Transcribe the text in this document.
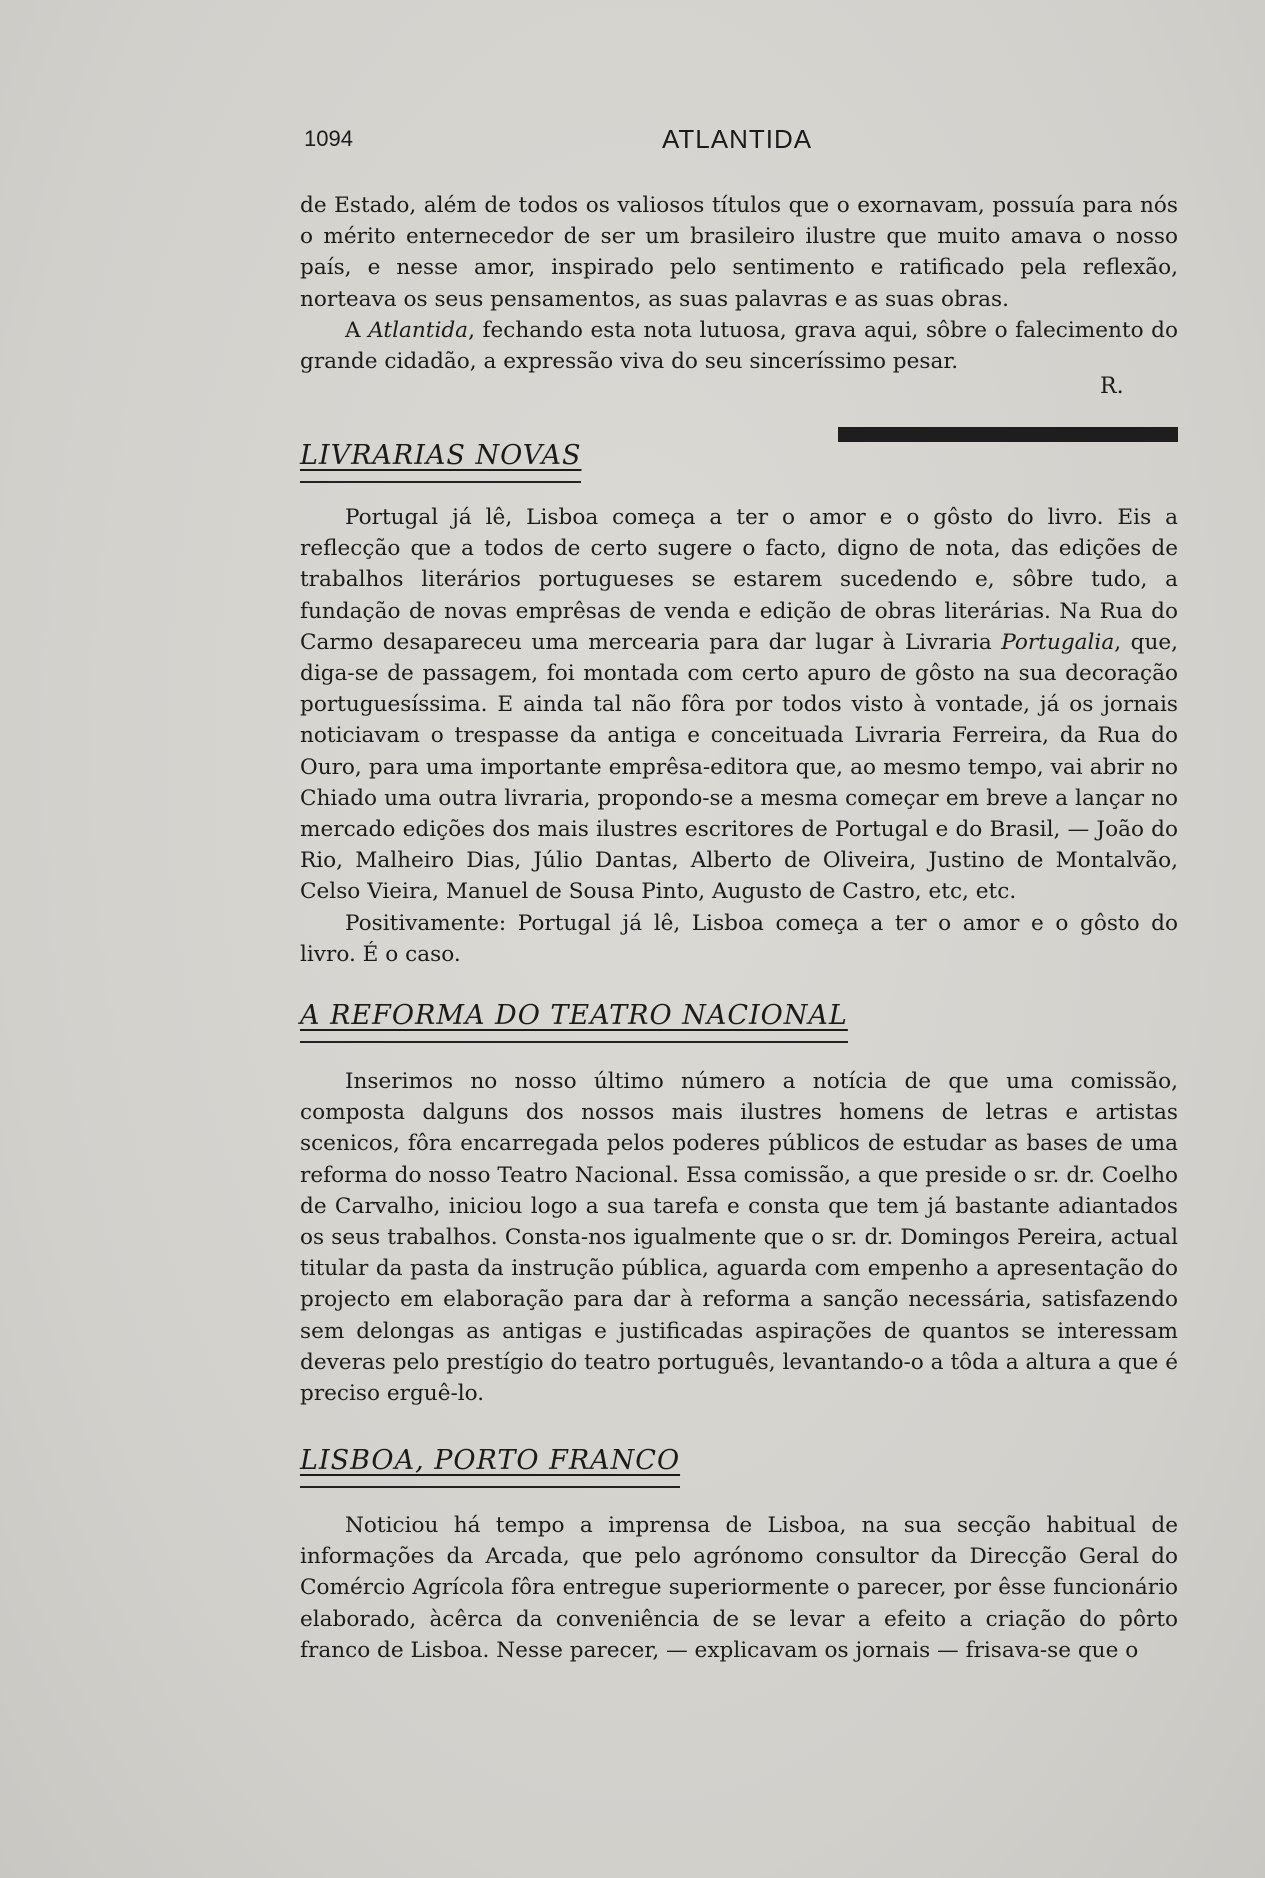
1094	ATLANTIDA

de Estado, além de todos os valiosos títulos que o exornavam, possuía para nós o mérito enternecedor de ser um brasileiro ilustre que muito amava o nosso país, e nesse amor, inspirado pelo sentimento e ratificado pela reflexão, norteava os seus pensamentos, as suas palavras e as suas obras.

A Atlantida, fechando esta nota lutuosa, grava aqui, sôbre o falecimento do grande cidadão, a expressão viva do seu sinceríssimo pesar.

R.
LIVRARIAS NOVAS

Portugal já lê, Lisboa começa a ter o amor e o gôsto do livro. Eis a reflecção que a todos de certo sugere o facto, digno de nota, das edições de trabalhos literários portugueses se estarem sucedendo e, sôbre tudo, a fundação de novas emprêsas de venda e edição de obras literárias. Na Rua do Carmo desapareceu uma mercearia para dar lugar à Livraria Portugalia, que, diga-se de passagem, foi montada com certo apuro de gôsto na sua decoração portuguesíssima. E ainda tal não fôra por todos visto à vontade, já os jornais noticiavam o trespasse da antiga e conceituada Livraria Ferreira, da Rua do Ouro, para uma importante emprêsa-editora que, ao mesmo tempo, vai abrir no Chiado uma outra livraria, propondo-se a mesma começar em breve a lançar no mercado edições dos mais ilustres escritores de Portugal e do Brasil, — João do Rio, Malheiro Dias, Júlio Dantas, Alberto de Oliveira, Justino de Montalvão, Celso Vieira, Manuel de Sousa Pinto, Augusto de Castro, etc, etc.

Positivamente: Portugal já lê, Lisboa começa a ter o amor e o gôsto do livro. É o caso.

A REFORMA DO TEATRO NACIONAL

Inserimos no nosso último número a notícia de que uma comissão, composta dalguns dos nossos mais ilustres homens de letras e artistas scenicos, fôra encarregada pelos poderes públicos de estudar as bases de uma reforma do nosso Teatro Nacional. Essa comissão, a que preside o sr. dr. Coelho de Carvalho, iniciou logo a sua tarefa e consta que tem já bastante adiantados os seus trabalhos. Consta-nos igualmente que o sr. dr. Domingos Pereira, actual titular da pasta da instrução pública, aguarda com empenho a apresentação do projecto em elaboração para dar à reforma a sanção necessária, satisfazendo sem delongas as antigas e justificadas aspirações de quantos se interessam deveras pelo prestígio do teatro português, levantando-o a tôda a altura a que é preciso erguê-lo.

LISBOA, PORTO FRANCO

Noticiou há tempo a imprensa de Lisboa, na sua secção habitual de informações da Arcada, que pelo agrónomo consultor da Direcção Geral do Comércio Agrícola fôra entregue superiormente o parecer, por êsse funcionário elaborado, àcêrca da conveniência de se levar a efeito a criação do pôrto franco de Lisboa. Nesse parecer, — explicavam os jornais — frisava-se que o
